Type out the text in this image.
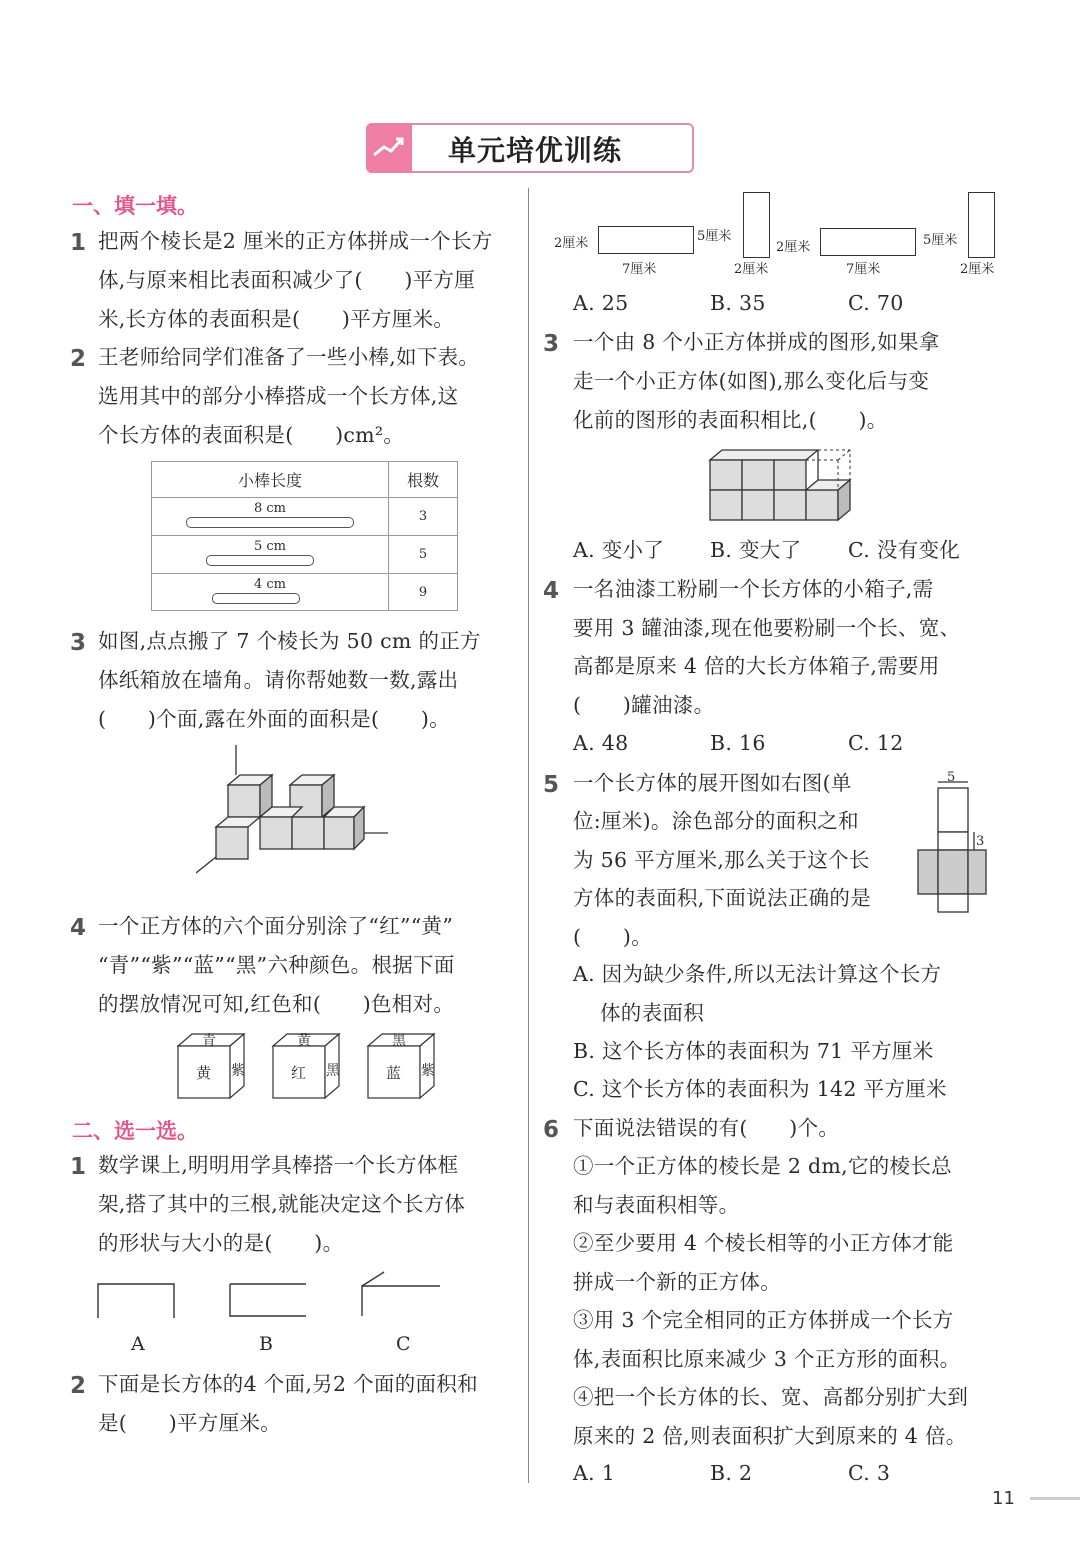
单元培优训练
一、填一填。
1 把两个棱长是2 厘米的正方体拼成一个长方
体,与原来相比表面积减少了(　　)平方厘
米,长方体的表面积是(　　)平方厘米。
2 王老师给同学们准备了一些小棒,如下表。
选用其中的部分小棒搭成一个长方体,这
个长方体的表面积是(　　)cm²。
小棒长度	根数

8 cm	3

5 cm	5

4 cm	9
3 如图,点点搬了 7 个棱长为 50 cm 的正方
体纸箱放在墙角。请你帮她数一数,露出
(　　)个面,露在外面的面积是(　　)。
4 一个正方体的六个面分别涂了“红”“黄”
“青”“紫”“蓝”“黑”六种颜色。根据下面
的摆放情况可知,红色和(　　)色相对。
青
黄 紫
黄
红 黑
黑
蓝 紫
二、选一选。
1 数学课上,明明用学具棒搭一个长方体框
架,搭了其中的三根,就能决定这个长方体
的形状与大小的是(　　)。
A	B	C
2 下面是长方体的4 个面,另2 个面的面积和
是(　　)平方厘米。
2厘米
7厘米
5厘米
2厘米
2厘米
7厘米
5厘米
2厘米
A. 25	B. 35	C. 70
3 一个由 8 个小正方体拼成的图形,如果拿
走一个小正方体(如图),那么变化后与变
化前的图形的表面积相比,(　　)。
A. 变小了 B. 变大了 C. 没有变化
4 一名油漆工粉刷一个长方体的小箱子,需
要用 3 罐油漆,现在他要粉刷一个长、宽、
高都是原来 4 倍的大长方体箱子,需要用
(　　)罐油漆。
A. 48	B. 16	C. 12
5 一个长方体的展开图如右图(单
位:厘米)。涂色部分的面积之和
为 56 平方厘米,那么关于这个长
方体的表面积,下面说法正确的是
(　　)。
5
3
A. 因为缺少条件,所以无法计算这个长方
体的表面积
B. 这个长方体的表面积为 71 平方厘米
C. 这个长方体的表面积为 142 平方厘米
6 下面说法错误的有(　　)个。
①一个正方体的棱长是 2 dm,它的棱长总
和与表面积相等。
②至少要用 4 个棱长相等的小正方体才能
拼成一个新的正方体。
③用 3 个完全相同的正方体拼成一个长方
体,表面积比原来减少 3 个正方形的面积。
④把一个长方体的长、宽、高都分别扩大到
原来的 2 倍,则表面积扩大到原来的 4 倍。
A. 1	B. 2	C. 3
11
